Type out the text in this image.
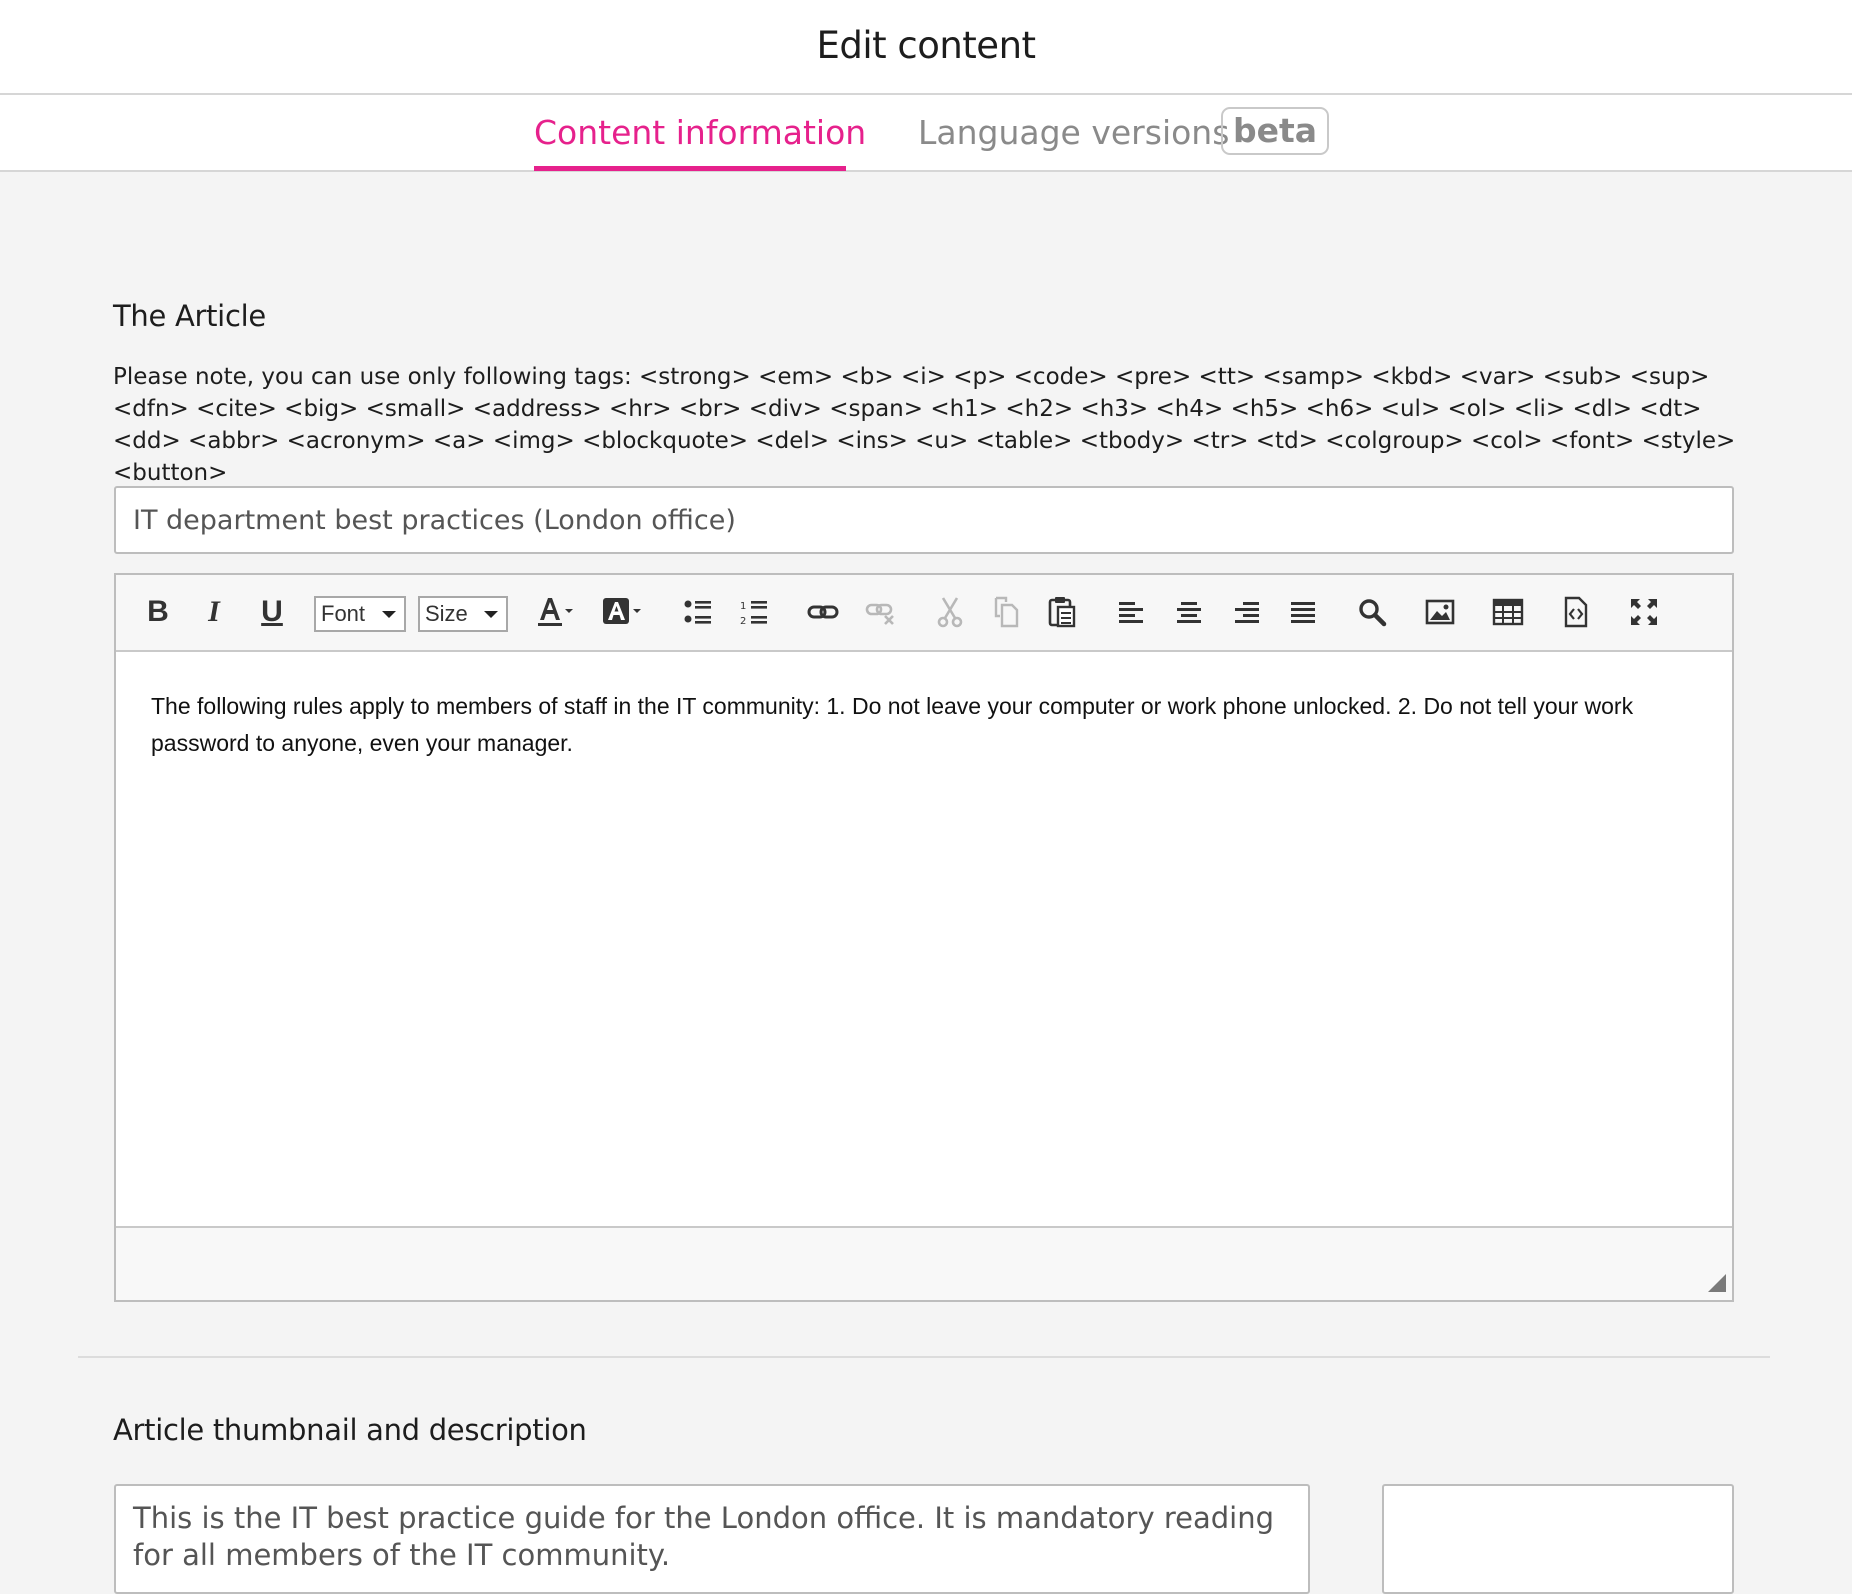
Edit content
Content information Language versions beta
The Article
Please note, you can use only following tags: <strong> <em> <b> <i> <p> <code> <pre> <tt> <samp> <kbd> <var> <sub> <sup> <dfn> <cite> <big> <small> <address> <hr> <br> <div> <span> <h1> <h2> <h3> <h4> <h5> <h6> <ul> <ol> <li> <dl> <dt> <dd> <abbr> <acronym> <a> <img> <blockquote> <del> <ins> <u> <table> <tbody> <tr> <td> <colgroup> <col> <font> <style> <button>
IT department best practices (London office)
B I U	Font	Size	1
2
The following rules apply to members of staff in the IT community: 1. Do not leave your computer or work phone unlocked. 2. Do not tell your work password to anyone, even your manager.
Article thumbnail and description
This is the IT best practice guide for the London office. It is mandatory reading for all members of the IT community.
